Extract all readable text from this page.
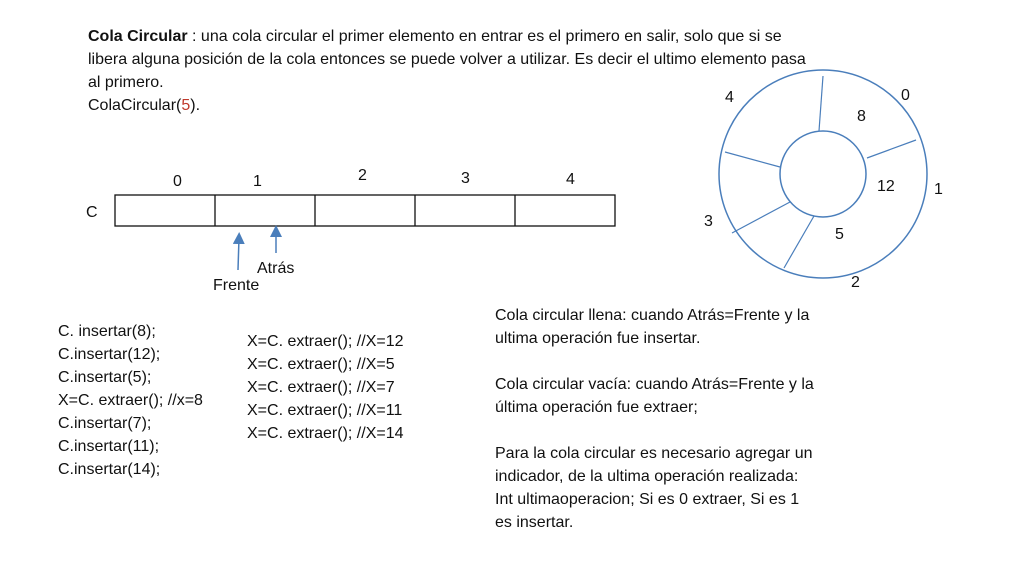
Cola Circular : una cola circular el primer elemento en entrar es el primero en salir, solo que si se
libera alguna posición de la cola entonces se puede volver a utilizar. Es decir el ultimo elemento pasa
al primero.
ColaCircular(5).
C
0	1	2	3	4
Atrás
Frente
0
1
2
3
4
8
12
5
C. insertar(8);
C.insertar(12);
C.insertar(5);
X=C. extraer(); //x=8
C.insertar(7);
C.insertar(11);
C.insertar(14);
X=C. extraer(); //X=12
X=C. extraer(); //X=5
X=C. extraer(); //X=7
X=C. extraer(); //X=11
X=C. extraer(); //X=14
Cola circular llena: cuando Atrás=Frente y la
ultima operación fue insertar.
Cola circular vacía: cuando Atrás=Frente y la
última operación fue extraer;
Para la cola circular es necesario agregar un
indicador, de la ultima operación realizada:
Int ultimaoperacion; Si es 0 extraer, Si es 1
es insertar.
